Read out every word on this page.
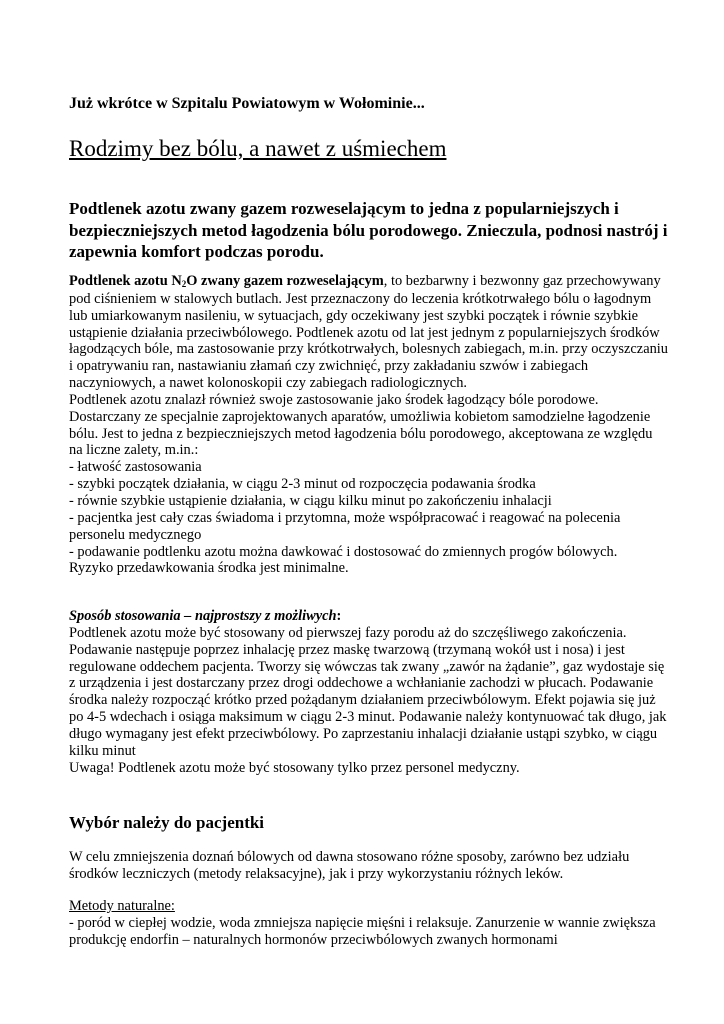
Już wkrótce w Szpitalu Powiatowym w Wołominie...
Rodzimy bez bólu, a nawet z uśmiechem
Podtlenek azotu zwany gazem rozweselającym to jedna z popularniejszych i bezpieczniejszych metod łagodzenia bólu porodowego. Znieczula, podnosi nastrój i zapewnia komfort podczas porodu.

Podtlenek azotu $N_2O$ zwany gazem rozweselającym, to bezbarwny i bezwonny gaz przechowywany pod ciśnieniem w stalowych butlach. Jest przeznaczony do leczenia krótkotrwałego bólu o łagodnym lub umiarkowanym nasileniu, w sytuacjach, gdy oczekiwany jest szybki początek i równie szybkie ustąpienie działania przeciwbólowego. Podtlenek azotu od lat jest jednym z popularniejszych środków łagodzących bóle, ma zastosowanie przy krótkotrwałych, bolesnych zabiegach, m.in. przy oczyszczaniu i opatrywaniu ran, nastawianiu złamań czy zwichnięć, przy zakładaniu szwów i zabiegach naczyniowych, a nawet kolonoskopii czy zabiegach radiologicznych.

Podtlenek azotu znalazł również swoje zastosowanie jako środek łagodzący bóle porodowe. Dostarczany ze specjalnie zaprojektowanych aparatów, umożliwia kobietom samodzielne łagodzenie bólu. Jest to jedna z bezpieczniejszych metod łagodzenia bólu porodowego, akceptowana ze względu na liczne zalety, m.in.:

- łatwość zastosowania

- szybki początek działania, w ciągu 2-3 minut od rozpoczęcia podawania środka

- równie szybkie ustąpienie działania, w ciągu kilku minut po zakończeniu inhalacji

- pacjentka jest cały czas świadoma i przytomna, może współpracować i reagować na polecenia personelu medycznego

- podawanie podtlenku azotu można dawkować i dostosować do zmiennych progów bólowych.

Ryzyko przedawkowania środka jest minimalne.

Sposób stosowania – najprostszy z możliwych:

Podtlenek azotu może być stosowany od pierwszej fazy porodu aż do szczęśliwego zakończenia. Podawanie następuje poprzez inhalację przez maskę twarzową (trzymaną wokół ust i nosa) i jest regulowane oddechem pacjenta. Tworzy się wówczas tak zwany „zawór na żądanie”, gaz wydostaje się z urządzenia i jest dostarczany przez drogi oddechowe a wchłanianie zachodzi w płucach. Podawanie środka należy rozpocząć krótko przed pożądanym działaniem przeciwbólowym. Efekt pojawia się już po 4-5 wdechach i osiąga maksimum w ciągu 2-3 minut. Podawanie należy kontynuować tak długo, jak długo wymagany jest efekt przeciwbólowy. Po zaprzestaniu inhalacji działanie ustąpi szybko, w ciągu kilku minut

Uwaga! Podtlenek azotu może być stosowany tylko przez personel medyczny.

Wybór należy do pacjentki

W celu zmniejszenia doznań bólowych od dawna stosowano różne sposoby, zarówno bez udziału środków leczniczych (metody relaksacyjne), jak i przy wykorzystaniu różnych leków.

Metody naturalne:

- poród w ciepłej wodzie, woda zmniejsza napięcie mięśni i relaksuje. Zanurzenie w wannie zwiększa produkcję endorfin – naturalnych hormonów przeciwbólowych zwanych hormonami
